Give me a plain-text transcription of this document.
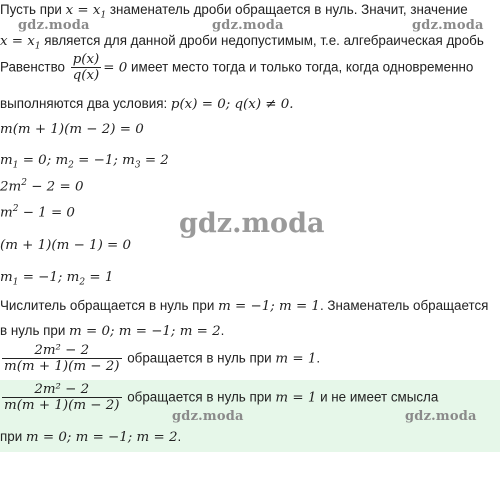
Пусть при $x = x_1$ знаменатель дроби обращается в нуль. Значит, значение
$x = x_1$ является для данной дроби недопустимым, т.е. алгебраическая дробь
Равенство $\frac{p(x)}{q(x)} = 0$ имеет место тогда и только тогда, когда одновременно
выполняются два условия: p(x) = 0; q(x) ≠ 0.
m(m + 1)(m − 2) = 0
$m_1 = 0$; $m_2 = -1$; $m_3 = 2$
$2m^2 - 2 = 0$
$m^2 - 1 = 0$
(m + 1)(m − 1) = 0
$m_1 = -1$; $m_2 = 1$
Числитель обращается в нуль при m = −1; m = 1. Знаменатель обращается
в нуль при m = 0; m = −1; m = 2.
$\frac{\text{2m² − 2}}{m(m + 1)(m - 2)}$ обращается в нуль при m = 1.
$\frac{\text{2m² − 2}}{m(m + 1)(m - 2)}$ обращается в нуль при m = 1 и не имеет смысла
при m = 0; m = −1; m = 2.
gdz.moda	gdz.moda	gdz.moda
gdz.moda
gdz.moda	gdz.moda
